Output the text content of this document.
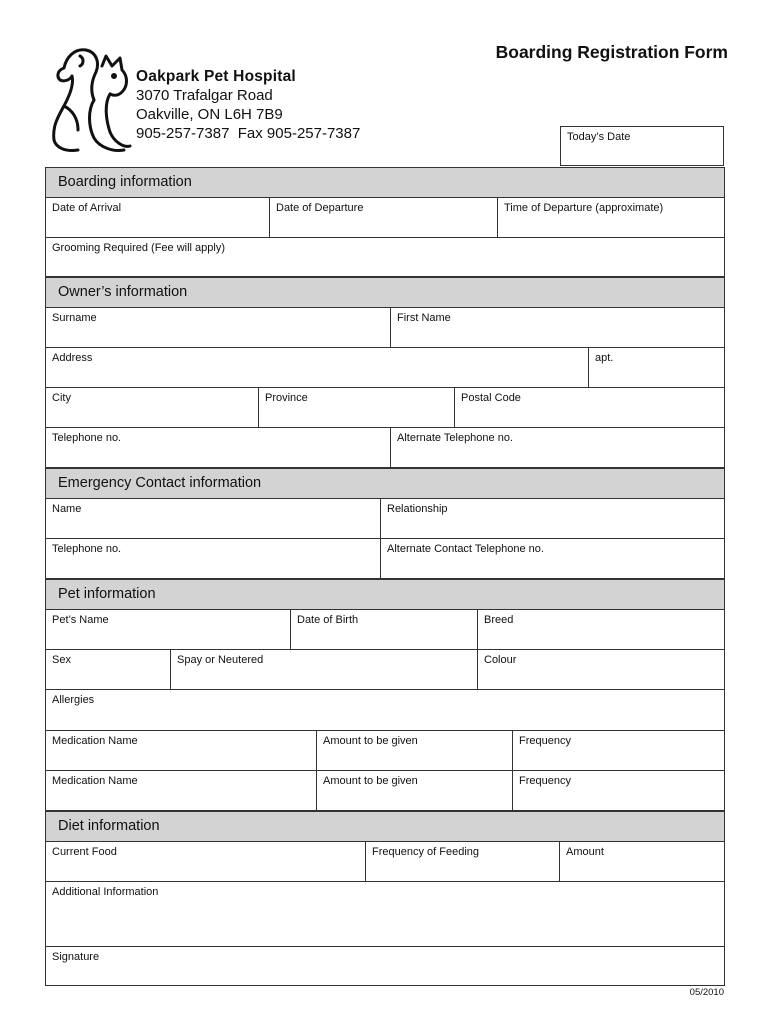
Boarding Registration Form
Oakpark Pet Hospital
3070 Trafalgar Road
Oakville, ON L6H 7B9
905-257-7387  Fax 905-257-7387	Today’s Date
Boarding information
Date of Arrival	Date of Departure	Time of Departure (approximate)
Grooming Required (Fee will apply)
Owner’s information
Surname	First Name
Address	apt.
City	Province	Postal Code
Telephone no.	Alternate Telephone no.
Emergency Contact information
Name	Relationship
Telephone no.	Alternate Contact Telephone no.
Pet information
Pet’s Name	Date of Birth	Breed
Sex	Spay or Neutered	Colour
Allergies
Medication Name	Amount to be given	Frequency
Medication Name	Amount to be given	Frequency
Diet information
Current Food	Frequency of Feeding	Amount
Additional Information
Signature
05/2010
